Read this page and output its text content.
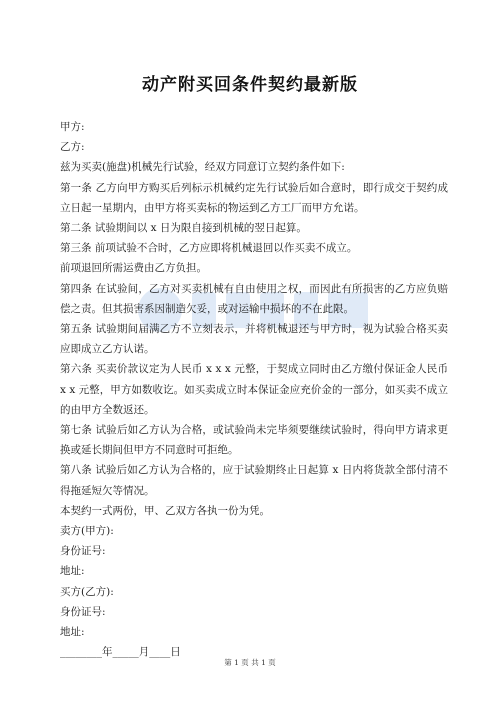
动产附买回条件契约最新版

甲方:

乙方:

兹为买卖(施盘)机械先行试验，经双方同意订立契约条件如下:

第一条 乙方向甲方购买后列标示机械约定先行试验后如合意时，即行成交于契约成立日起一星期内，由甲方将买卖标的物运到乙方工厂而甲方允诺。

第二条 试验期间以 x 日为限自接到机械的翌日起算。

第三条 前项试验不合时，乙方应即将机械退回以作买卖不成立。

前项退回所需运费由乙方负担。

第四条 在试验间，乙方对买卖机械有自由使用之权，而因此有所损害的乙方应负赔偿之责。但其损害系因制造欠妥，或对运输中损坏的不在此限。

第五条 试验期间届满乙方不立刻表示，并将机械退还与甲方时，视为试验合格买卖应即成立乙方认诺。

第六条 买卖价款议定为人民币 x x x 元整，于契成立同时由乙方缴付保证金人民币 x x 元整，甲方如数收讫。如买卖成立时本保证金应充价金的一部分，如买卖不成立的由甲方全数返还。

第七条 试验后如乙方认为合格，或试验尚未完毕须要继续试验时，得向甲方请求更换或延长期间但甲方不同意时可拒绝。

第八条 试验后如乙方认为合格的，应于试验期终止日起算 x 日内将货款全部付清不得拖延短欠等情况。

本契约一式两份，甲、乙双方各执一份为凭。

卖方(甲方):

身份证号:

地址:

买方(乙方):

身份证号:

地址:

________年_____月____日

第 1 页 共 1 页
